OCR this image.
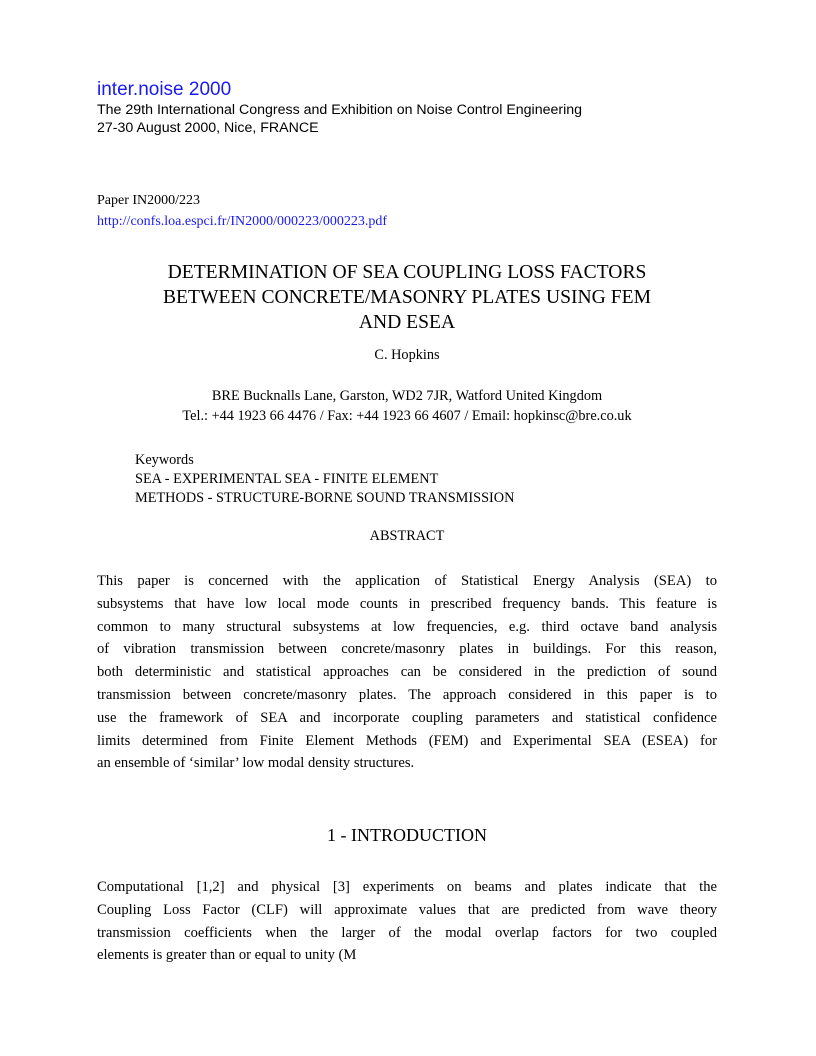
inter.noise 2000
The 29th International Congress and Exhibition on Noise Control Engineering
27-30 August 2000, Nice, FRANCE
Paper IN2000/223
http://confs.loa.espci.fr/IN2000/000223/000223.pdf
DETERMINATION OF SEA COUPLING LOSS FACTORS
BETWEEN CONCRETE/MASONRY PLATES USING FEM
AND ESEA
C. Hopkins
BRE Bucknalls Lane, Garston, WD2 7JR, Watford United Kingdom
Tel.: +44 1923 66 4476 / Fax: +44 1923 66 4607 / Email: hopkinsc@bre.co.uk
Keywords
SEA - EXPERIMENTAL SEA - FINITE ELEMENT
METHODS - STRUCTURE-BORNE SOUND TRANSMISSION
ABSTRACT
This paper is concerned with the application of Statistical Energy Analysis (SEA) to
subsystems that have low local mode counts in prescribed frequency bands. This feature is
common to many structural subsystems at low frequencies, e.g. third octave band analysis
of vibration transmission between concrete/masonry plates in buildings. For this reason,
both deterministic and statistical approaches can be considered in the prediction of sound
transmission between concrete/masonry plates. The approach considered in this paper is to
use the framework of SEA and incorporate coupling parameters and statistical confidence
limits determined from Finite Element Methods (FEM) and Experimental SEA (ESEA) for
an ensemble of ‘similar’ low modal density structures.
1 - INTRODUCTION
Computational [1,2] and physical [3] experiments on beams and plates indicate that the
Coupling Loss Factor (CLF) will approximate values that are predicted from wave theory
transmission coefficients when the larger of the modal overlap factors for two coupled
elements is greater than or equal to unity (M
